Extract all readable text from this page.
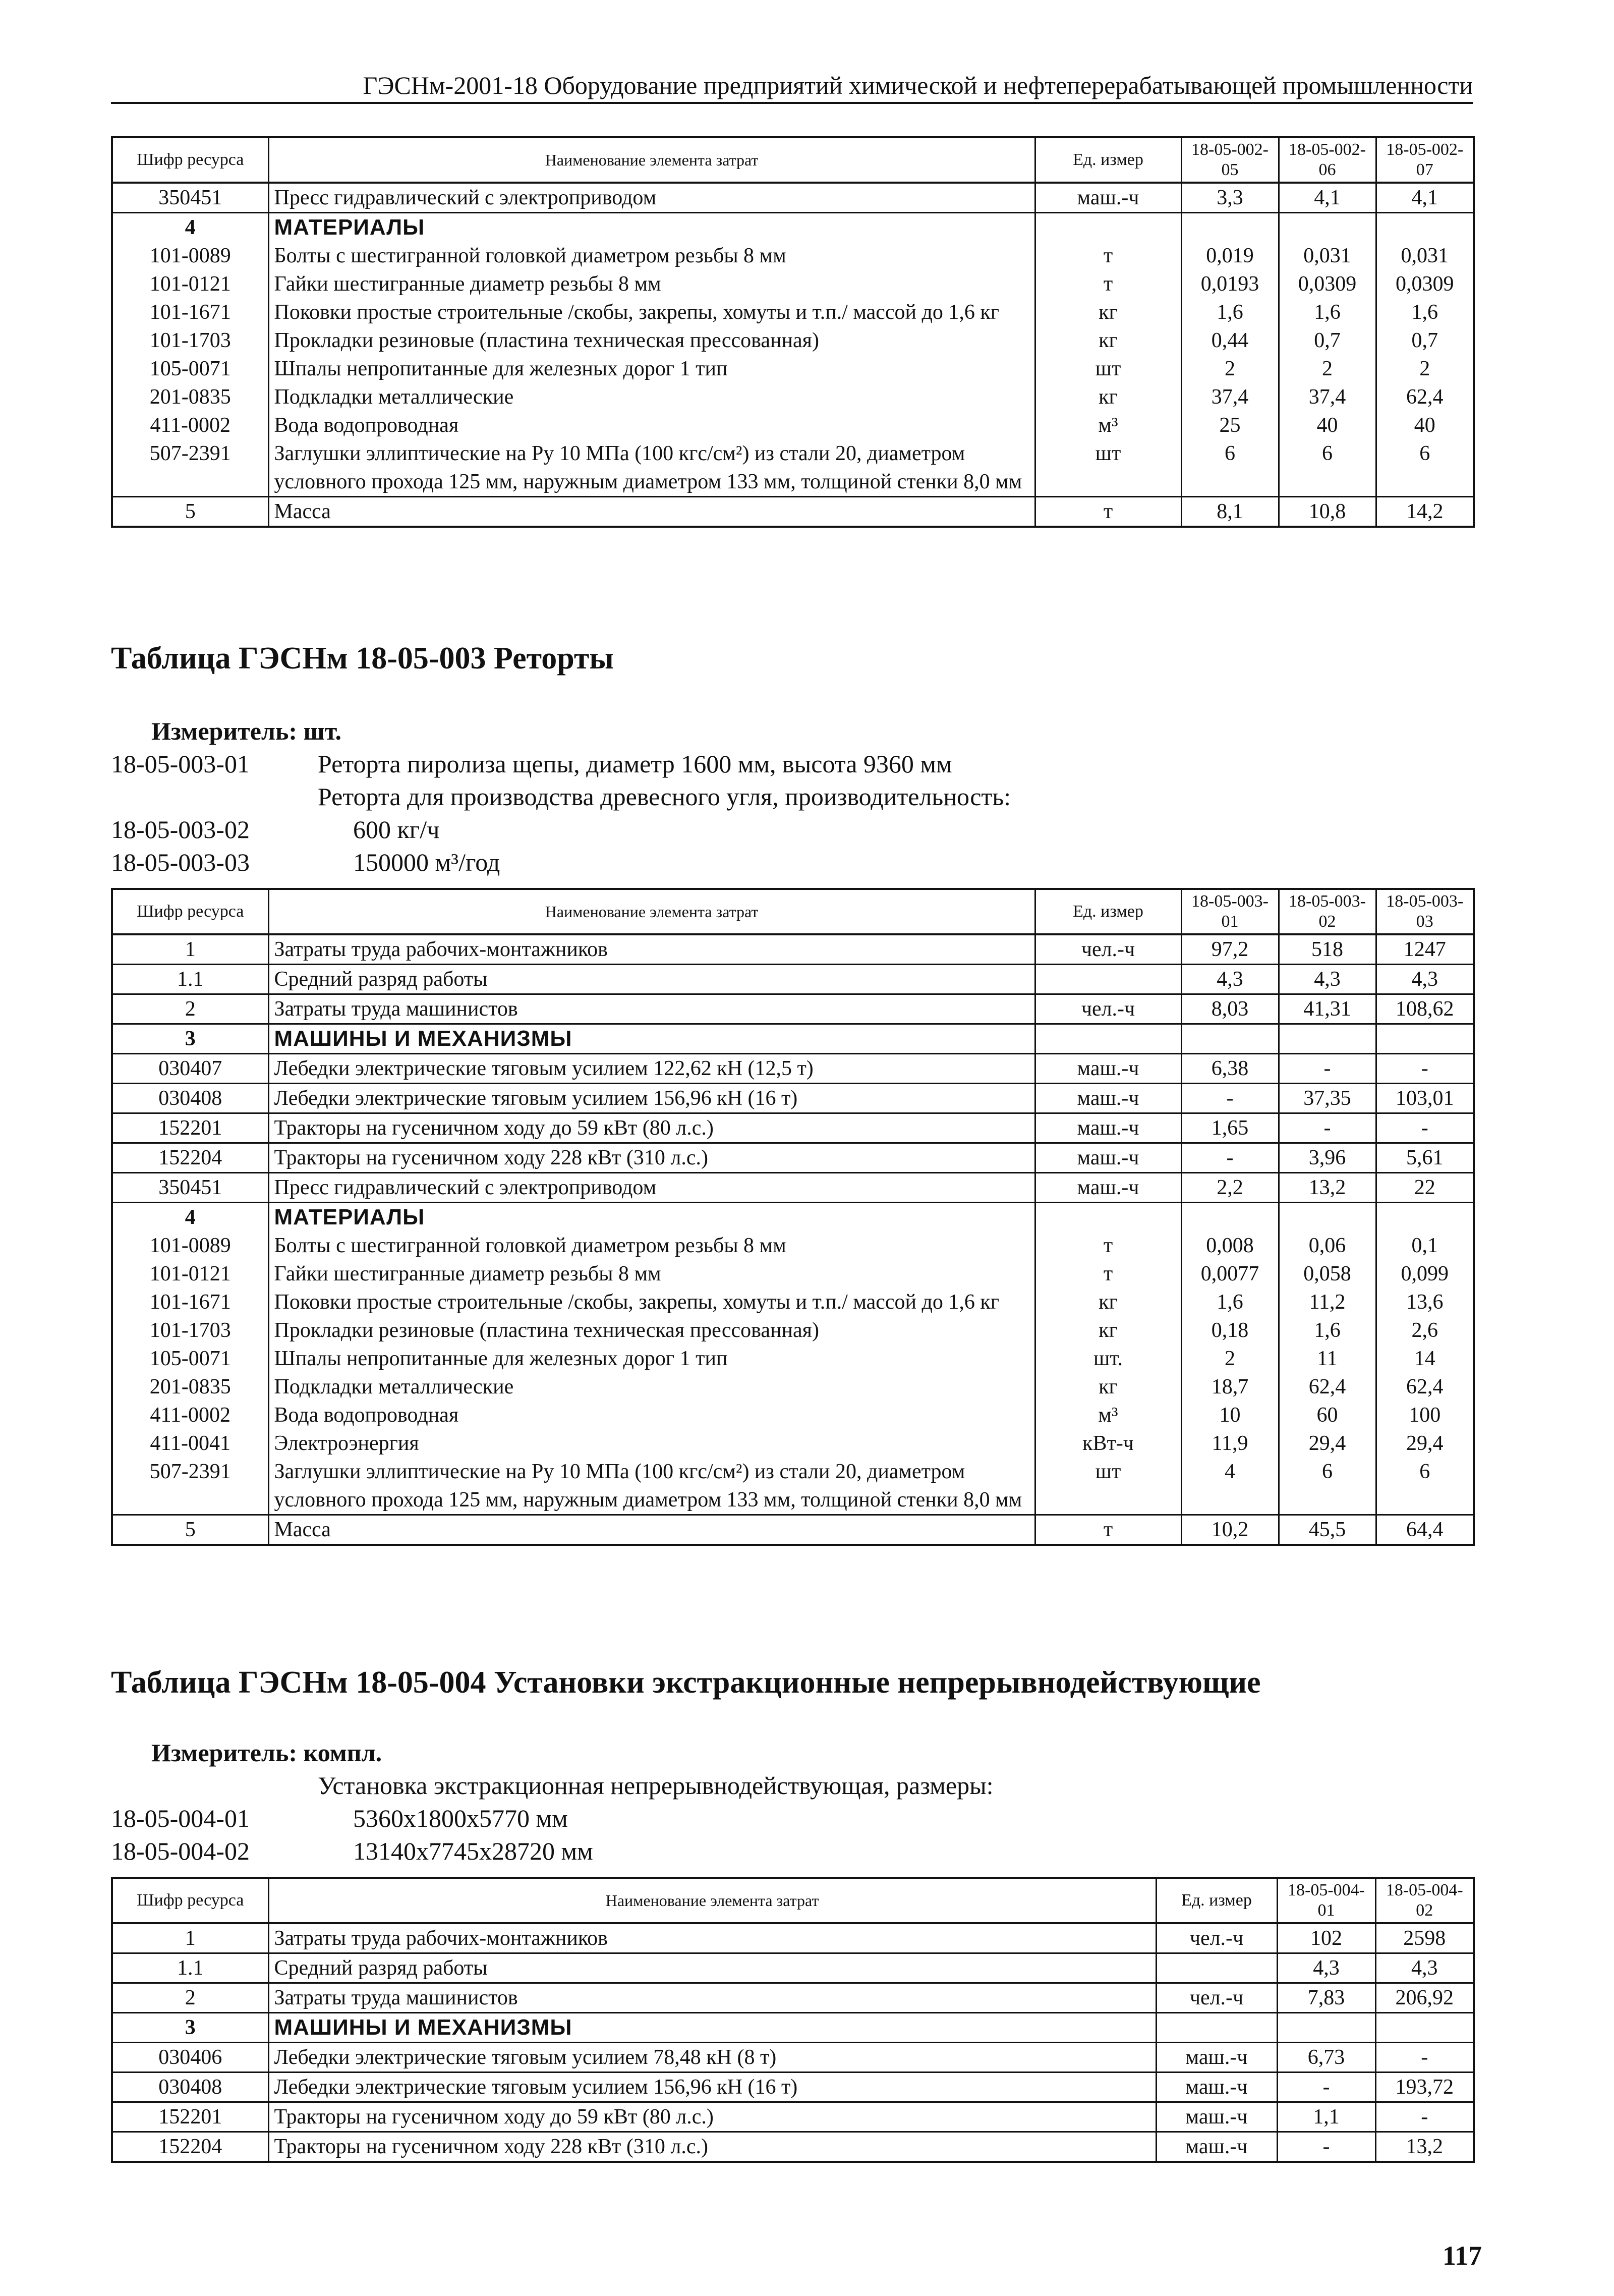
ГЭСНм-2001-18 Оборудование предприятий химической и нефтеперерабатывающей промышленности
Шифр ресурса	Наименование элемента затрат	Ед. измер	18-05-002-05	18-05-002-06	18-05-002-07
350451	Пресс гидравлический с электроприводом	маш.-ч	3,3	4,1	4,1
4	МАТЕРИАЛЫ				
101-0089	Болты с шестигранной головкой диаметром резьбы 8 мм	т	0,019	0,031	0,031
101-0121	Гайки шестигранные диаметр резьбы 8 мм	т	0,0193	0,0309	0,0309
101-1671	Поковки простые строительные /скобы, закрепы, хомуты и т.п./ массой до 1,6 кг	кг	1,6	1,6	1,6
101-1703	Прокладки резиновые (пластина техническая прессованная)	кг	0,44	0,7	0,7
105-0071	Шпалы непропитанные для железных дорог 1 тип	шт	2	2	2
201-0835	Подкладки металлические	кг	37,4	37,4	62,4
411-0002	Вода водопроводная	м³	25	40	40
507-2391	Заглушки эллиптические на Ру 10 МПа (100 кгс/см²) из стали 20, диаметром условного прохода 125 мм, наружным диаметром 133 мм, толщиной стенки 8,0 мм	шт	6	6	6
5	Масса	т	8,1	10,8	14,2
Таблица ГЭСНм 18-05-003 Реторты
Измеритель: шт.
18-05-003-01	Реторта пиролиза щепы, диаметр 1600 мм, высота 9360 мм
Реторта для производства древесного угля, производительность:
18-05-003-02	600 кг/ч
18-05-003-03	150000 м³/год
Шифр ресурса	Наименование элемента затрат	Ед. измер	18-05-003-01	18-05-003-02	18-05-003-03
1	Затраты труда рабочих-монтажников	чел.-ч	97,2	518	1247
1.1	Средний разряд работы		4,3	4,3	4,3
2	Затраты труда машинистов	чел.-ч	8,03	41,31	108,62
3	МАШИНЫ И МЕХАНИЗМЫ				
030407	Лебедки электрические тяговым усилием 122,62 кН (12,5 т)	маш.-ч	6,38	-	-
030408	Лебедки электрические тяговым усилием 156,96 кН (16 т)	маш.-ч	-	37,35	103,01
152201	Тракторы на гусеничном ходу до 59 кВт (80 л.с.)	маш.-ч	1,65	-	-
152204	Тракторы на гусеничном ходу 228 кВт (310 л.с.)	маш.-ч	-	3,96	5,61
350451	Пресс гидравлический с электроприводом	маш.-ч	2,2	13,2	22
4	МАТЕРИАЛЫ				
101-0089	Болты с шестигранной головкой диаметром резьбы 8 мм	т	0,008	0,06	0,1
101-0121	Гайки шестигранные диаметр резьбы 8 мм	т	0,0077	0,058	0,099
101-1671	Поковки простые строительные /скобы, закрепы, хомуты и т.п./ массой до 1,6 кг	кг	1,6	11,2	13,6
101-1703	Прокладки резиновые (пластина техническая прессованная)	кг	0,18	1,6	2,6
105-0071	Шпалы непропитанные для железных дорог 1 тип	шт.	2	11	14
201-0835	Подкладки металлические	кг	18,7	62,4	62,4
411-0002	Вода водопроводная	м³	10	60	100
411-0041	Электроэнергия	кВт-ч	11,9	29,4	29,4
507-2391	Заглушки эллиптические на Ру 10 МПа (100 кгс/см²) из стали 20, диаметром условного прохода 125 мм, наружным диаметром 133 мм, толщиной стенки 8,0 мм	шт	4	6	6
5	Масса	т	10,2	45,5	64,4
Таблица ГЭСНм 18-05-004 Установки экстракционные непрерывнодействующие
Измеритель: компл.
Установка экстракционная непрерывнодействующая, размеры:
18-05-004-01	5360x1800x5770 мм
18-05-004-02	13140x7745x28720 мм
Шифр ресурса	Наименование элемента затрат	Ед. измер	18-05-004-01	18-05-004-02
1	Затраты труда рабочих-монтажников	чел.-ч	102	2598
1.1	Средний разряд работы		4,3	4,3
2	Затраты труда машинистов	чел.-ч	7,83	206,92
3	МАШИНЫ И МЕХАНИЗМЫ			
030406	Лебедки электрические тяговым усилием 78,48 кН (8 т)	маш.-ч	6,73	-
030408	Лебедки электрические тяговым усилием 156,96 кН (16 т)	маш.-ч	-	193,72
152201	Тракторы на гусеничном ходу до 59 кВт (80 л.с.)	маш.-ч	1,1	-
152204	Тракторы на гусеничном ходу 228 кВт (310 л.с.)	маш.-ч	-	13,2
117
